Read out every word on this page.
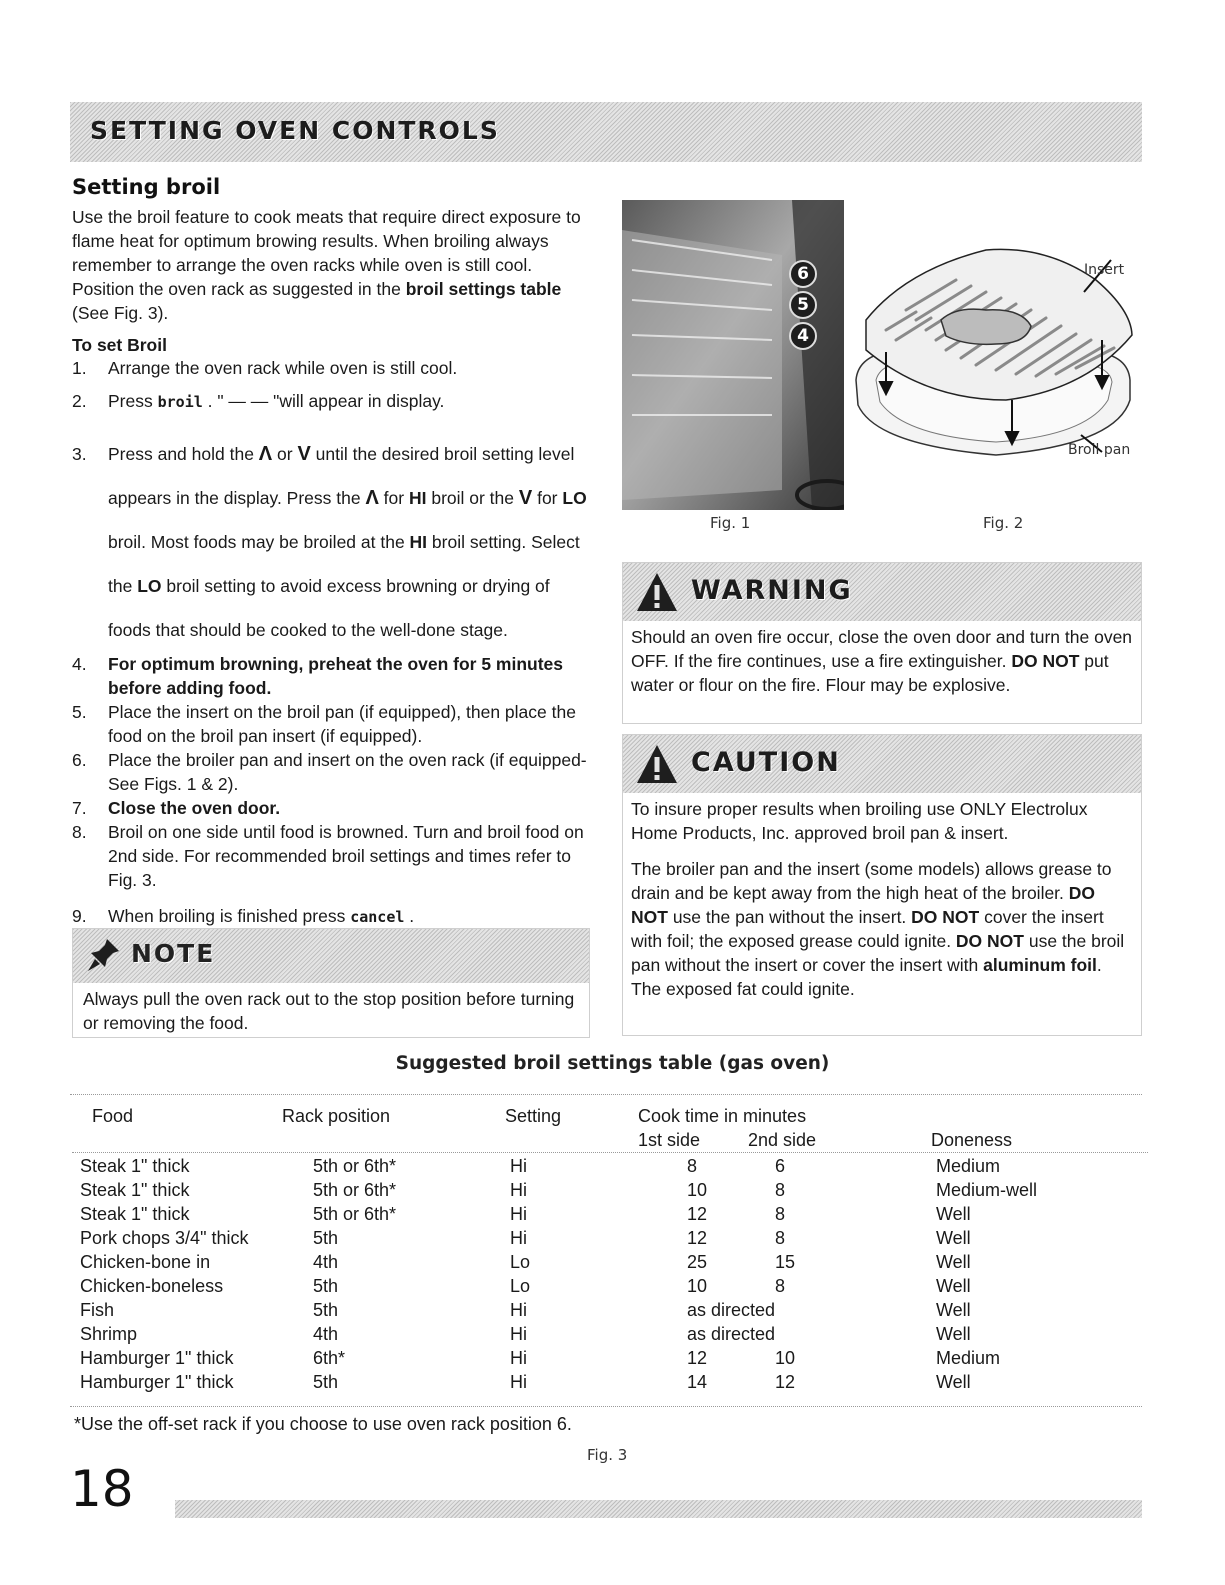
SETTING OVEN CONTROLS
Setting broil
Use the broil feature to cook meats that require direct exposure to flame heat for optimum browing results. When broiling always remember to arrange the oven racks while oven is still cool. Position the oven rack as suggested in the broil settings table (See Fig. 3).
To set Broil
1. Arrange the oven rack while oven is still cool.
2. Press broil . " — — "will appear in display.
3. Press and hold the Λ or V until the desired broil setting level appears in the display. Press the Λ for HI broil or the V for LO broil. Most foods may be broiled at the HI broil setting. Select the LO broil setting to avoid excess browning or drying of foods that should be cooked to the well-done stage.
4. For optimum browning, preheat the oven for 5 minutes before adding food.
5. Place the insert on the broil pan (if equipped), then place the food on the broil pan insert (if equipped).
6. Place the broiler pan and insert on the oven rack (if equipped-See Figs. 1 & 2).
7. Close the oven door.
8. Broil on one side until food is browned. Turn and broil food on 2nd side. For recommended broil settings and times refer to Fig. 3.
9. When broiling is finished press cancel .
NOTE
Always pull the oven rack out to the stop position before turning or removing the food.
6
5
4
Fig. 1
Insert
Broil pan
Fig. 2
WARNING
Should an oven fire occur, close the oven door and turn the oven OFF. If the fire continues, use a fire extinguisher. DO NOT put water or flour on the fire. Flour may be explosive.
CAUTION
To insure proper results when broiling use ONLY Electrolux Home Products, Inc. approved broil pan & insert.
The broiler pan and the insert (some models) allows grease to drain and be kept away from the high heat of the broiler. DO NOT use the pan without the insert. DO NOT cover the insert with foil; the exposed grease could ignite. DO NOT use the broil pan without the insert or cover the insert with aluminum foil. The exposed fat could ignite.
Suggested broil settings table (gas oven)
Food	Rack position	Setting	Cook time in minutes
1st side	2nd side	Doneness
Steak 1" thick	5th or 6th*	Hi	8	6	Medium
Steak 1" thick	5th or 6th*	Hi	10	8	Medium-well
Steak 1" thick	5th or 6th*	Hi	12	8	Well
Pork chops 3/4" thick	5th	Hi	12	8	Well
Chicken-bone in	4th	Lo	25	15	Well
Chicken-boneless	5th	Lo	10	8	Well
Fish	5th	Hi	as directed	Well
Shrimp	4th	Hi	as directed	Well
Hamburger 1" thick	6th*	Hi	12	10	Medium
Hamburger 1" thick	5th	Hi	14	12	Well
*Use the off-set rack if you choose to use oven rack position 6.
Fig. 3
18
